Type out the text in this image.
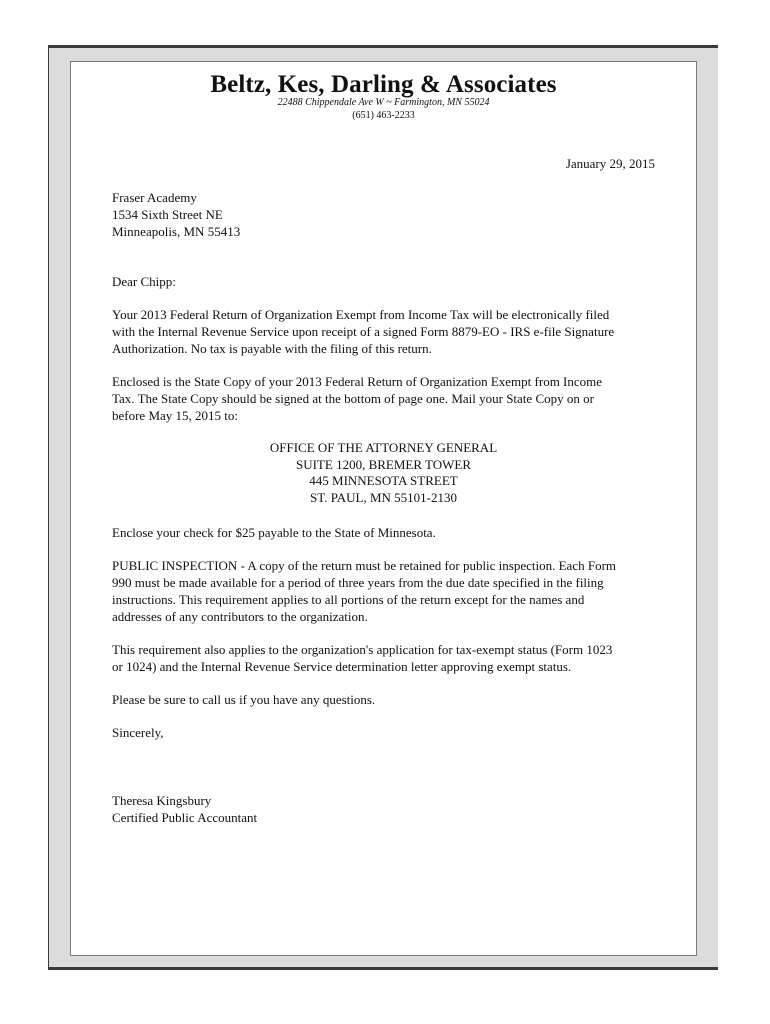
Beltz, Kes, Darling & Associates
22488 Chippendale Ave W ~ Farmington, MN 55024
(651) 463-2233
January 29, 2015
Fraser Academy
1534 Sixth Street NE
Minneapolis, MN 55413
Dear Chipp:
Your 2013 Federal Return of Organization Exempt from Income Tax will be electronically filed
with the Internal Revenue Service upon receipt of a signed Form 8879-EO - IRS e-file Signature
Authorization. No tax is payable with the filing of this return.
Enclosed is the State Copy of your 2013 Federal Return of Organization Exempt from Income
Tax. The State Copy should be signed at the bottom of page one. Mail your State Copy on or
before May 15, 2015 to:
OFFICE OF THE ATTORNEY GENERAL
SUITE 1200, BREMER TOWER
445 MINNESOTA STREET
ST. PAUL, MN 55101-2130
Enclose your check for $25 payable to the State of Minnesota.
PUBLIC INSPECTION - A copy of the return must be retained for public inspection. Each Form
990 must be made available for a period of three years from the due date specified in the filing
instructions. This requirement applies to all portions of the return except for the names and
addresses of any contributors to the organization.
This requirement also applies to the organization's application for tax-exempt status (Form 1023
or 1024) and the Internal Revenue Service determination letter approving exempt status.
Please be sure to call us if you have any questions.
Sincerely,
Theresa Kingsbury
Certified Public Accountant
